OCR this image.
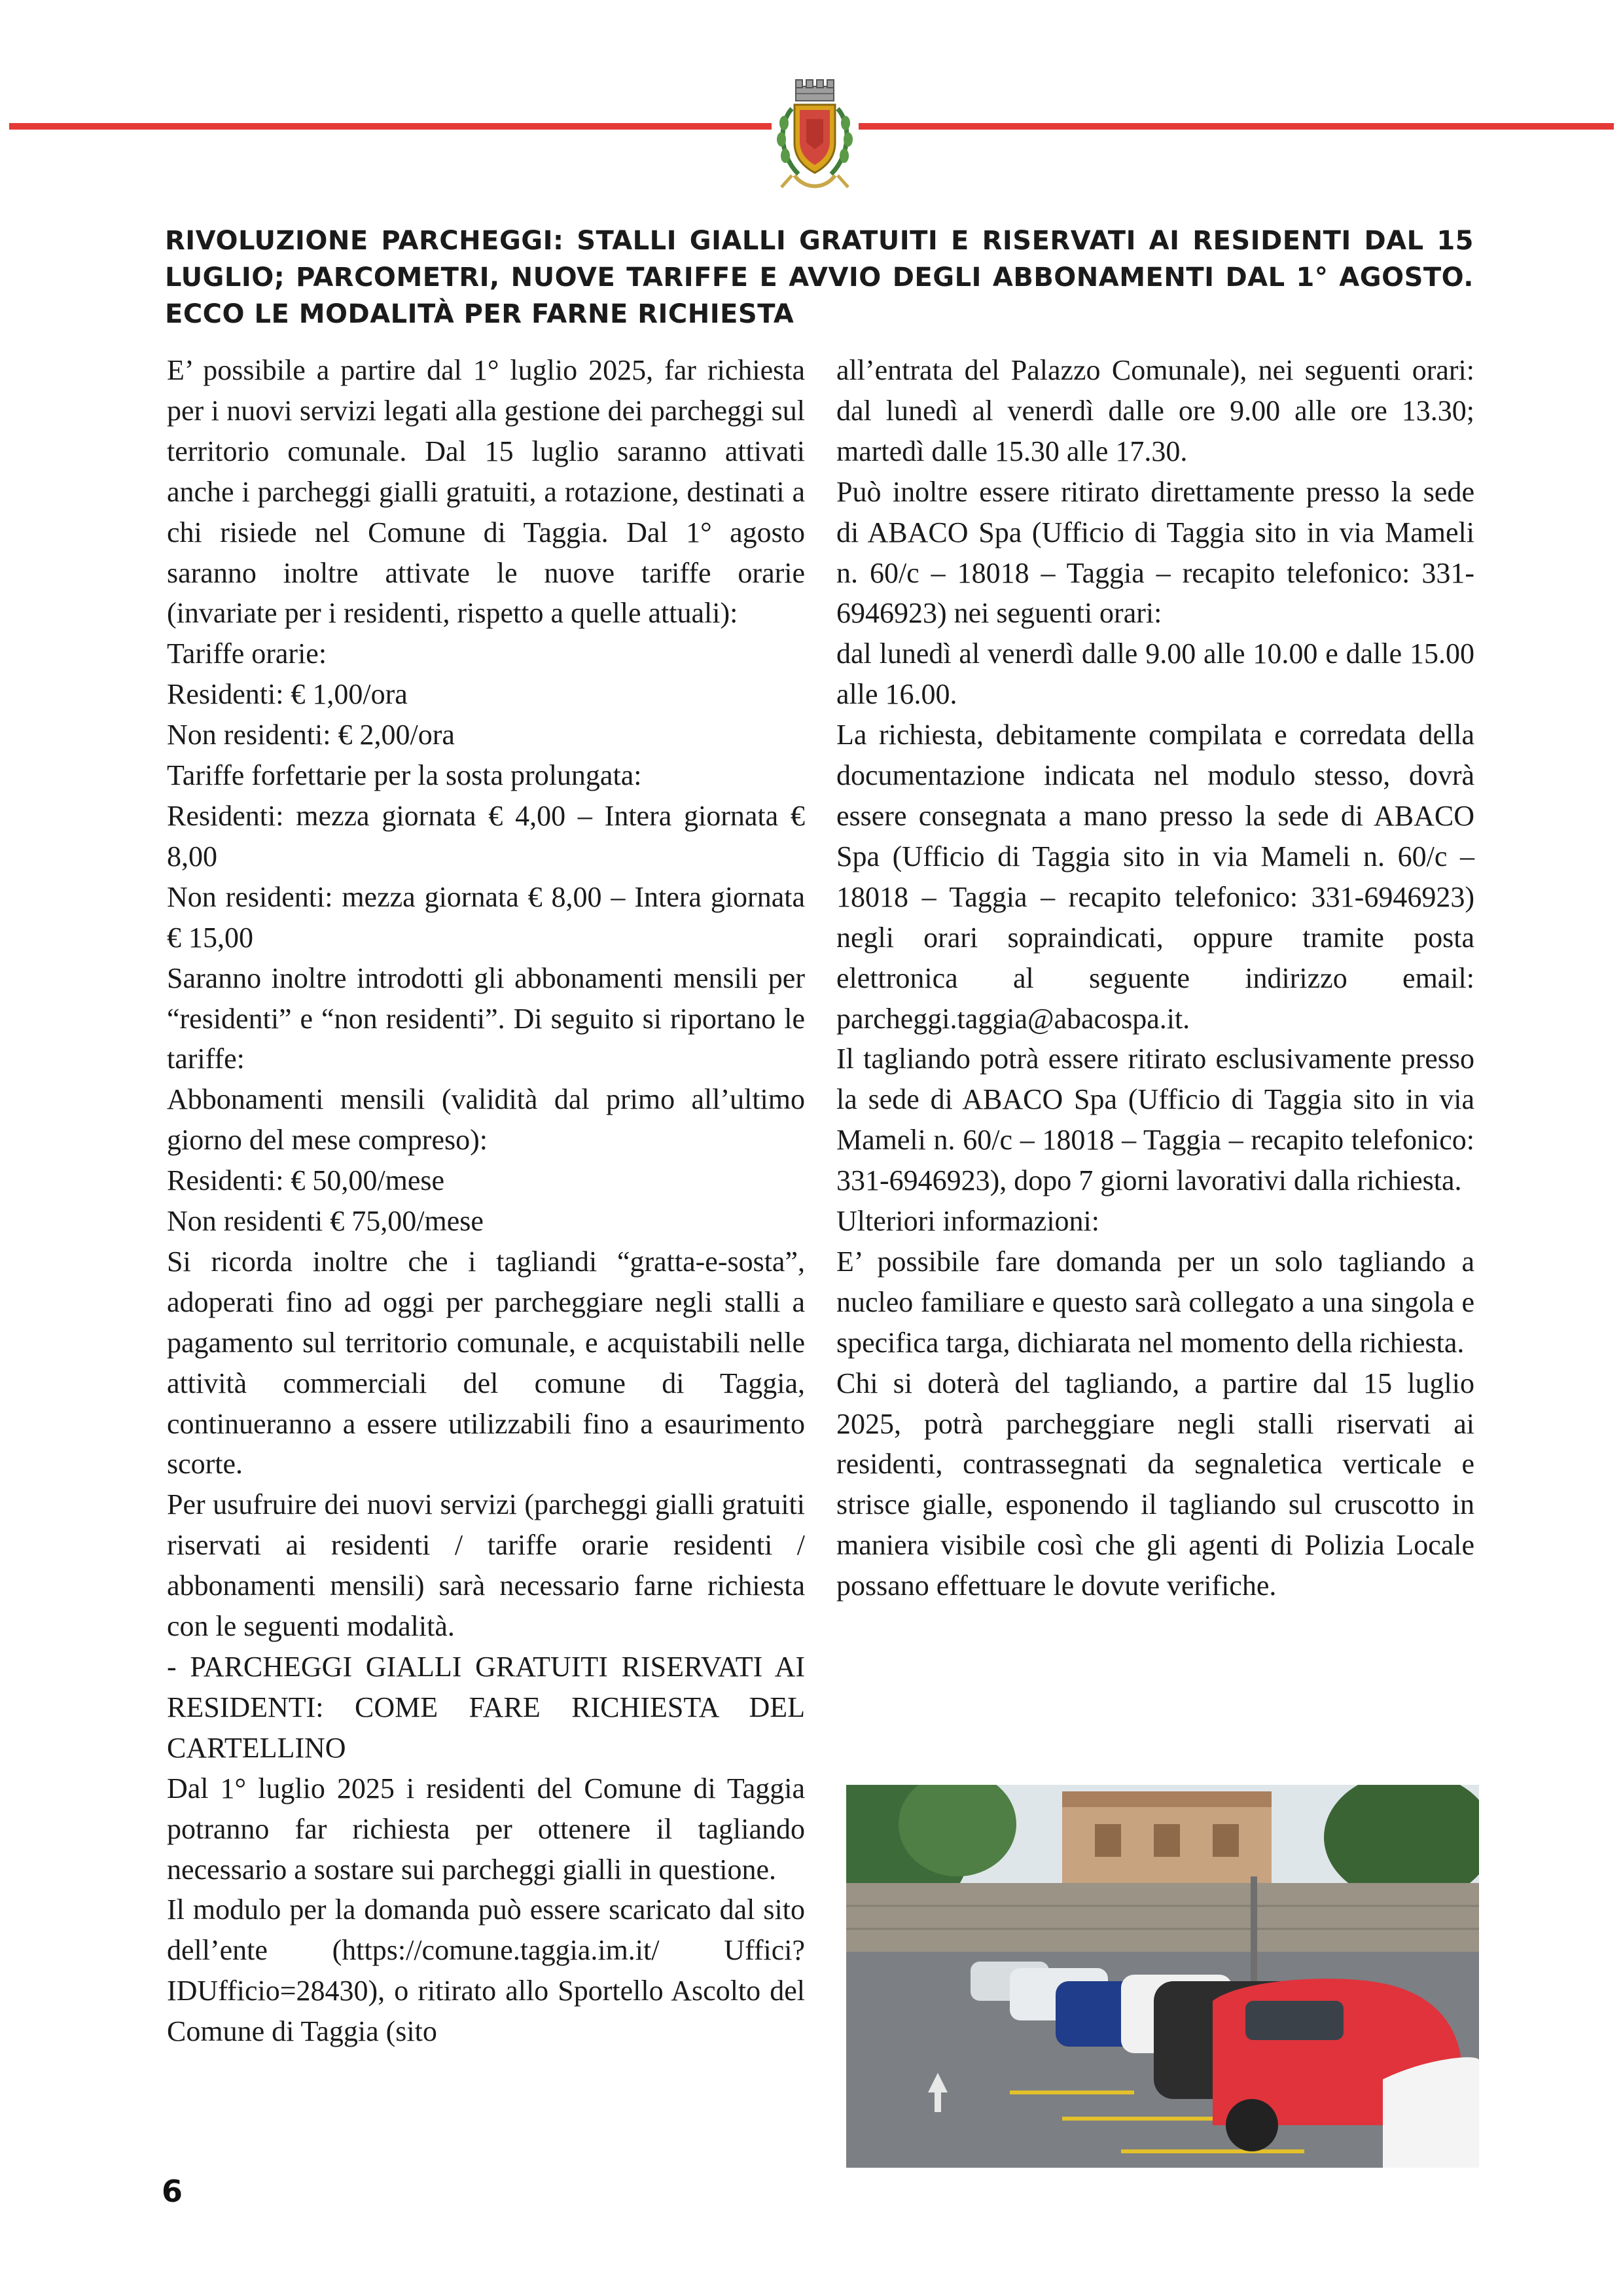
RIVOLUZIONE PARCHEGGI: STALLI GIALLI GRATUITI E RISERVATI AI RESIDENTI DAL 15 LUGLIO; PARCOMETRI, NUOVE TARIFFE E AVVIO DEGLI ABBONAMENTI DAL 1° AGOSTO. ECCO LE MODALITÀ PER FARNE RICHIESTA

E’ possibile a partire dal 1° luglio 2025, far richiesta per i nuovi servizi legati alla gestione dei parcheggi sul territorio comunale. Dal 15 luglio saranno attivati anche i parcheggi gialli gratuiti, a rotazione, destinati a chi risiede nel Comune di Taggia. Dal 1° agosto saranno inoltre attivate le nuove tariffe orarie (invariate per i residenti, rispetto a quelle attuali):

Tariffe orarie:

Residenti: € 1,00/ora

Non residenti: € 2,00/ora

Tariffe forfettarie per la sosta prolungata:

Residenti: mezza giornata € 4,00 – Intera giornata € 8,00

Non residenti: mezza giornata € 8,00 – Intera giornata € 15,00

Saranno inoltre introdotti gli abbonamenti mensili per “residenti” e “non residenti”. Di seguito si riportano le tariffe:

Abbonamenti mensili (validità dal primo all’ultimo giorno del mese compreso):

Residenti: € 50,00/mese

Non residenti € 75,00/mese

Si ricorda inoltre che i tagliandi “gratta-e-sosta”, adoperati fino ad oggi per parcheggiare negli stalli a pagamento sul territorio comunale, e acquistabili nelle attività commerciali del comune di Taggia, continueranno a essere utilizzabili fino a esaurimento scorte.

Per usufruire dei nuovi servizi (parcheggi gialli gratuiti riservati ai residenti / tariffe orarie residenti / abbonamenti mensili) sarà necessario farne richiesta con le seguenti modalità.

- PARCHEGGI GIALLI GRATUITI RISERVATI AI RESIDENTI: COME FARE RICHIESTA DEL CARTELLINO

Dal 1° luglio 2025 i residenti del Comune di Taggia potranno far richiesta per ottenere il tagliando necessario a sostare sui parcheggi gialli in questione.

Il modulo per la domanda può essere scaricato dal sito dell’ente (https://comune.taggia.im.it/ Uffici?IDUfficio=28430), o ritirato allo Sportello Ascolto del Comune di Taggia (sito

all’entrata del Palazzo Comunale), nei seguenti orari: dal lunedì al venerdì dalle ore 9.00 alle ore 13.30; martedì dalle 15.30 alle 17.30.

Può inoltre essere ritirato direttamente presso la sede di ABACO Spa (Ufficio di Taggia sito in via Mameli n. 60/c – 18018 – Taggia – recapito telefonico: 331-6946923) nei seguenti orari:

dal lunedì al venerdì dalle 9.00 alle 10.00 e dalle 15.00 alle 16.00.

La richiesta, debitamente compilata e corredata della documentazione indicata nel modulo stesso, dovrà essere consegnata a mano presso la sede di ABACO Spa (Ufficio di Taggia sito in via Mameli n. 60/c – 18018 – Taggia – recapito telefonico: 331-6946923) negli orari sopraindicati, oppure tramite posta elettronica al seguente indirizzo email: parcheggi.taggia@abacospa.it.

Il tagliando potrà essere ritirato esclusivamente presso la sede di ABACO Spa (Ufficio di Taggia sito in via Mameli n. 60/c – 18018 – Taggia – recapito telefonico: 331-6946923), dopo 7 giorni lavorativi dalla richiesta.

Ulteriori informazioni:

E’ possibile fare domanda per un solo tagliando a nucleo familiare e questo sarà collegato a una singola e specifica targa, dichiarata nel momento della richiesta.

Chi si doterà del tagliando, a partire dal 15 luglio 2025, potrà parcheggiare negli stalli riservati ai residenti, contrassegnati da segnaletica verticale e strisce gialle, esponendo il tagliando sul cruscotto in maniera visibile così che gli agenti di Polizia Locale possano effettuare le dovute verifiche.

6
